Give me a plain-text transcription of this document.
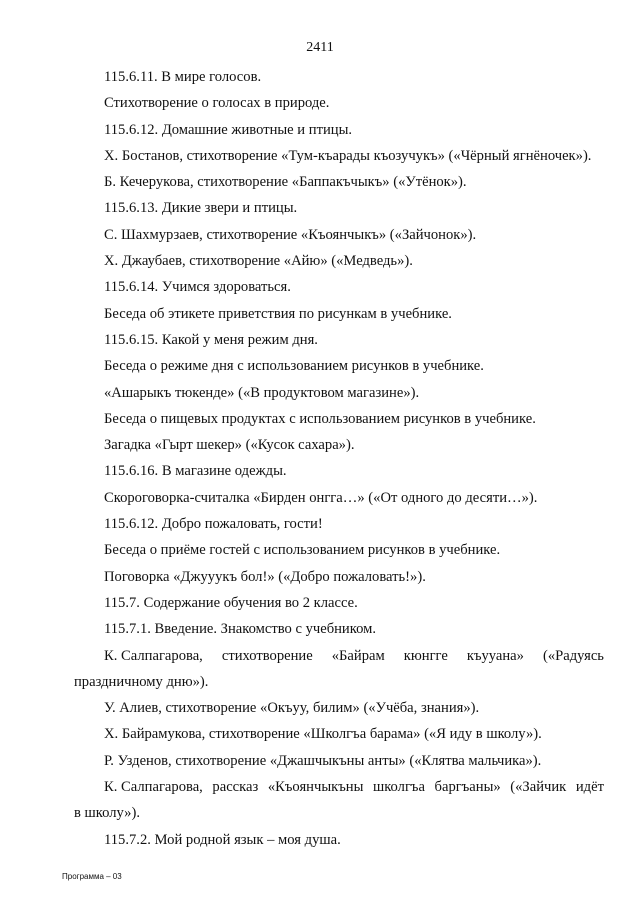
2411
115.6.11. В мире голосов.
Стихотворение о голосах в природе.
115.6.12. Домашние животные и птицы.
Х. Бостанов, стихотворение «Тум-къарады къозучукъ» («Чёрный ягнёночек»).
Б. Кечерукова, стихотворение «Баппакъчыкъ» («Утёнок»).
115.6.13. Дикие звери и птицы.
С. Шахмурзаев, стихотворение «Къоянчыкъ» («Зайчонок»).
Х. Джаубаев, стихотворение «Айю» («Медведь»).
115.6.14. Учимся здороваться.
Беседа об этикете приветствия по рисункам в учебнике.
115.6.15. Какой у меня режим дня.
Беседа о режиме дня с использованием рисунков в учебнике.
«Ашарыкъ тюкенде» («В продуктовом магазине»).
Беседа о пищевых продуктах с использованием рисунков в учебнике.
Загадка «Гырт шекер» («Кусок сахара»).
115.6.16. В магазине одежды.
Скороговорка-считалка «Бирден онгга…» («От одного до десяти…»).
115.6.12. Добро пожаловать, гости!
Беседа о приёме гостей с использованием рисунков в учебнике.
Поговорка «Джууукъ бол!» («Добро пожаловать!»).
115.7. Содержание обучения во 2 классе.
115.7.1. Введение. Знакомство с учебником.
К. Салпагарова, стихотворение «Байрам кюнгге къууана» («Радуясь
праздничному дню»).
У. Алиев, стихотворение «Окъуу, билим» («Учёба, знания»).
Х. Байрамукова, стихотворение «Школгъа барама» («Я иду в школу»).
Р. Узденов, стихотворение «Джашчыкъны анты» («Клятва мальчика»).
К. Салпагарова, рассказ «Къоянчыкъны школгъа баргъаны» («Зайчик идёт
в школу»).
115.7.2. Мой родной язык – моя душа.
Программа – 03
